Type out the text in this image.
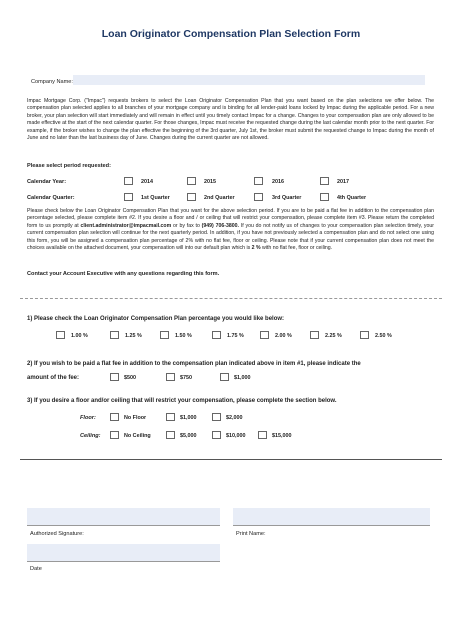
Loan Originator Compensation Plan Selection Form
Company Name:
Impac Mortgage Corp. ("Impac") requests brokers to select the Loan Originator Compensation Plan that you want based on the plan selections we offer below. The compensation plan selected applies to all branches of your mortgage company and is binding for all lender-paid loans locked by Impac during the applicable period. For a new broker, your plan selection will start immediately and will remain in effect until you timely contact Impac for a change. Changes to your compensation plan are only allowed to be made effective at the start of the next calendar quarter. For those changes, Impac must receive the requested change during the last calendar month prior to the next quarter. For example, if the broker wishes to change the plan effective the beginning of the 3rd quarter, July 1st, the broker must submit the requested change to Impac during the month of June and no later than the last business day of June. Changes during the current quarter are not allowed.
Please select period requested:
Calendar Year:	2014	2015	2016	2017
Calendar Quarter:	1st Quarter	2nd Quarter	3rd Quarter	4th Quarter
Please check below the Loan Originator Compensation Plan that you want for the above selection period. If you are to be paid a flat fee in addition to the compensation plan percentage selected, please complete item #2. If you desire a floor and / or ceiling that will restrict your compensation, please complete item #3. Please return the completed form to us promptly at client.administrator@impacmail.com or by fax to (949) 706-3800. If you do not notify us of changes to your compensation plan selection timely, your current compensation plan selection will continue for the next quarterly period. In addition, if you have not previously selected a compensation plan and do not select one using this form, you will be assigned a compensation plan percentage of 2% with no flat fee, floor or ceiling. Please note that if your current compensation plan does not meet the choices available on the attached document, your compensation will into our default plan which is 2 % with no flat fee, floor or ceiling.
Contact your Account Executive with any questions regarding this form.
1) Please check the Loan Originator Compensation Plan percentage you would like below:
1.00 %	1.25 %	1.50 %	1.75 %	2.00 %	2.25 %	2.50 %
2) If you wish to be paid a flat fee in addition to the compensation plan indicated above in item #1, please indicate the
amount of the fee:	$500	$750	$1,000
3) If you desire a floor and/or ceiling that will restrict your compensation, please complete the section below.
Floor:	No Floor	$1,000	$2,000
Ceiling:	No Ceiling	$5,000	$10,000	$15,000
Authorized Signature:	Print Name:
Date
